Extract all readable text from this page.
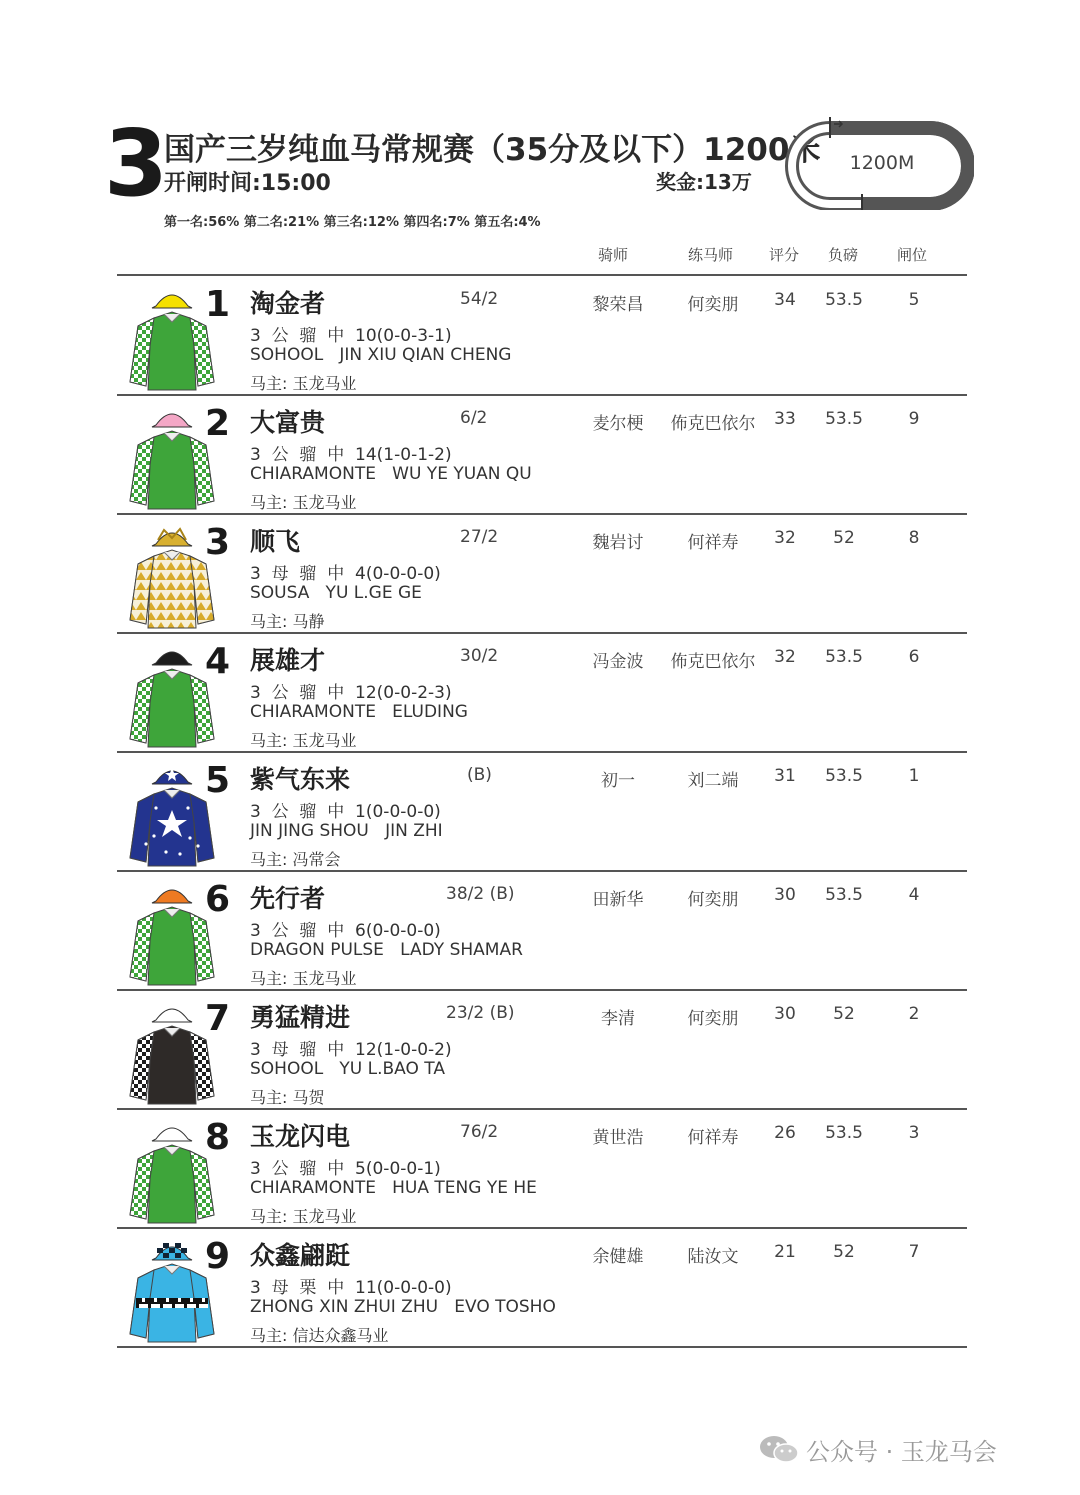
3
国产三岁纯血马常规赛（35分及以下）1200米
开闸时间:15:00	奖金:13万
第一名:56% 第二名:21% 第三名:12% 第四名:7% 第五名:4%
1200M
骑师	练马师 评分 负磅	闸位
1 淘金者	54/2
3  公  骝  中  10(0-0-3-1)
SOHOOL   JIN XIU QIAN CHENG
马主: 玉龙马业
黎荣昌	何奕朋	34	53.5	5
2 大富贵	6/2
3  公  骝  中  14(1-0-1-2)
CHIARAMONTE   WU YE YUAN QU
马主: 玉龙马业
麦尔梗	佈克巴依尔	33	53.5	9
3 顺飞	27/2
3  母  骝  中  4(0-0-0-0)
SOUSA   YU L.GE GE
马主: 马静
魏岩讨	何祥寿	32	52	8
4 展雄才	30/2
3  公  骝  中  12(0-0-2-3)
CHIARAMONTE   ELUDING
马主: 玉龙马业
冯金波	佈克巴依尔	32	53.5	6
5 紫气东来	(B)
3  公  骝  中  1(0-0-0-0)
JIN JING SHOU   JIN ZHI
马主: 冯常会
初一	刘二端	31	53.5	1
6 先行者	38/2 (B)
3  公  骝  中  6(0-0-0-0)
DRAGON PULSE   LADY SHAMAR
马主: 玉龙马业
田新华	何奕朋	30	53.5	4
7 勇猛精进	23/2 (B)
3  母  骝  中  12(1-0-0-2)
SOHOOL   YU L.BAO TA
马主: 马贺
李清	何奕朋	30	52	2
8 玉龙闪电	76/2
3  公  骝  中  5(0-0-0-1)
CHIARAMONTE   HUA TENG YE HE
马主: 玉龙马业
黄世浩	何祥寿	26	53.5	3
9 众鑫翩跹
3  母  栗  中  11(0-0-0-0)
ZHONG XIN ZHUI ZHU   EVO TOSHO
马主: 信达众鑫马业
余健雄	陆汝文	21	52	7
公众号 · 玉龙马会
